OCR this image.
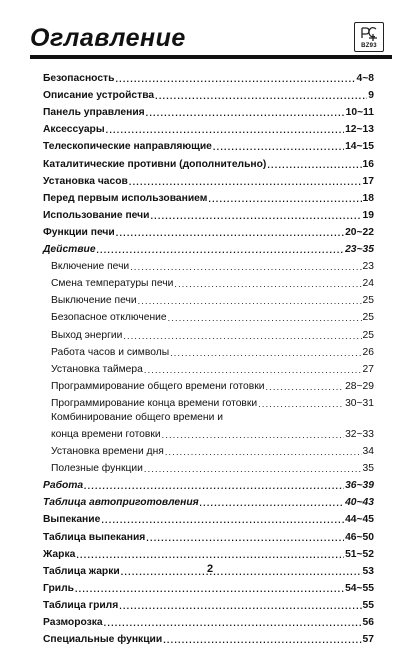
Оглавление	BZ93
Безопасность .....	4~8
Описание устройства .....	9
Панель управления .....	10~11
Аксессуары .....	12~13
Телескопические направляющие .....	14~15
Каталитические противни (дополнительно) .....	16
Установка часов .....	17
Перед первым использованием .....	18
Использование печи .....	19
Функции печи .....	20~22
Действие .....	23~35
Включение печи .....	23
Смена температуры печи .....	24
Выключение печи .....	25
Безопасное отключение .....	25
Выход энергии .....	25
Работа часов и символы .....	26
Установка таймера .....	27
Программирование общего времени готовки .....	28~29
Программирование конца времени готовки .....	30~31
Комбинирование общего времени и
конца времени готовки .....	32~33
Установка времени дня .....	34
Полезные функции .....	35
Работа .....	36~39
Таблица автоприготовления .....	40~43
Выпекание .....	44~45
Таблица выпекания .....	46~50
Жарка .....	51~52
Таблица жарки .....	53
Гриль .....	54~55
Таблица гриля .....	55
Разморозка .....	56
Специальные функции .....	57
2
